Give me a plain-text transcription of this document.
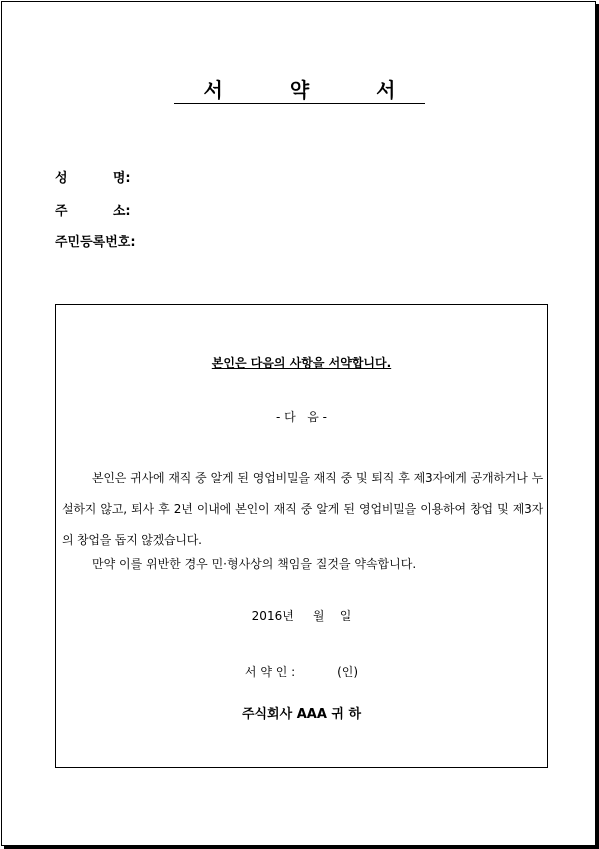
서 약 서
성          명:
주          소:
주민등록번호:
본인은 다음의 사항을 서약합니다.
- 다   음 -
본인은 귀사에 재직 중 알게 된 영업비밀을 재직 중 및 퇴직 후 제3자에게 공개하거나 누설하지 않고, 퇴사 후 2년 이내에 본인이 재직 중 알게 된 영업비밀을 이용하여 창업 및 제3자의 창업을 돕지 않겠습니다.
만약 이를 위반한 경우 민·형사상의 책임을 질것을 약속합니다.
2016년     월    일
서 약 인 :           (인)
주식회사 AAA 귀 하
